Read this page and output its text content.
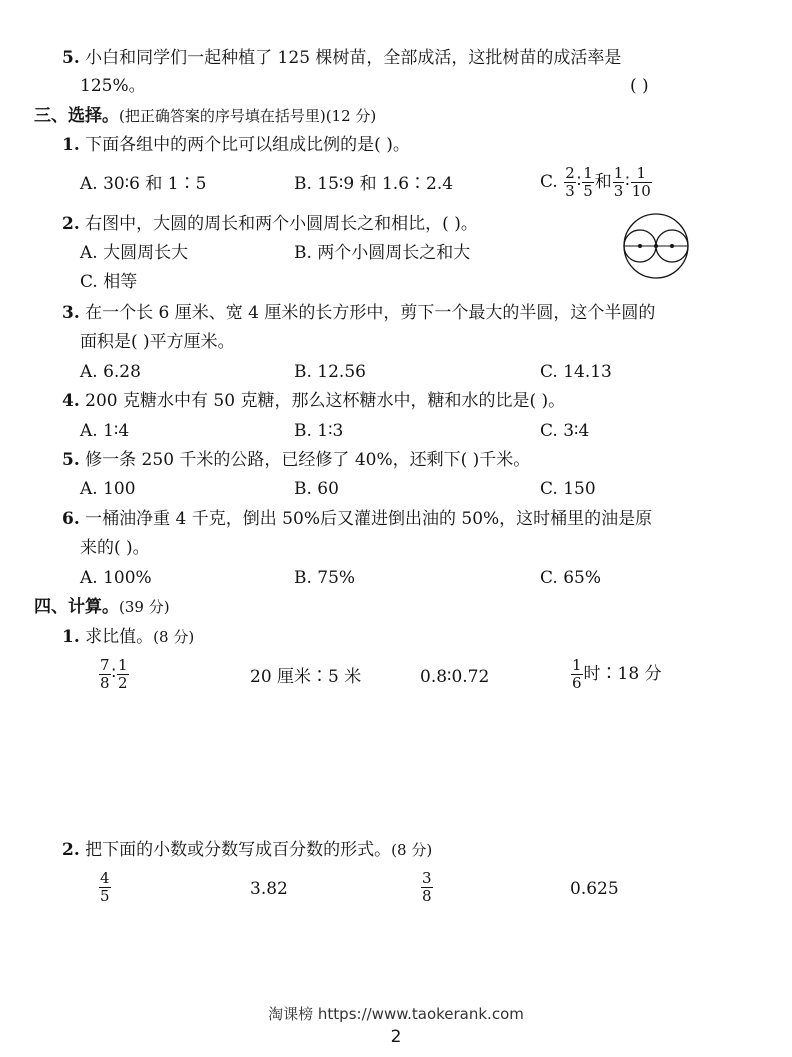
5. 小白和同学们一起种植了 125 棵树苗，全部成活，这批树苗的成活率是
125%。	( )
三、选择。(把正确答案的序号填在括号里)(12 分)
1. 下面各组中的两个比可以组成比例的是( )。
A. 30∶6 和 1∶5	B. 15∶9 和 1.6∶2.4	C. $\frac{2}{3}$ ∶ $\frac{1}{5}$ 和 $\frac{1}{3}$ ∶ $\frac{1}{10}$
2. 右图中，大圆的周长和两个小圆周长之和相比，( )。
A. 大圆周长大	B. 两个小圆周长之和大
C. 相等
3. 在一个长 6 厘米、宽 4 厘米的长方形中，剪下一个最大的半圆，这个半圆的
面积是( )平方厘米。
A. 6.28	B. 12.56	C. 14.13
4. 200 克糖水中有 50 克糖，那么这杯糖水中，糖和水的比是( )。
A. 1∶4	B. 1∶3	C. 3∶4
5. 修一条 250 千米的公路，已经修了 40%，还剩下( )千米。
A. 100	B. 60	C. 150
6. 一桶油净重 4 千克，倒出 50%后又灌进倒出油的 50%，这时桶里的油是原
来的( )。
A. 100%	B. 75%	C. 65%
四、计算。(39 分)
1. 求比值。(8 分)
$\frac{7}{8}$ ∶ $\frac{1}{2}$	20 厘米∶5 米	0.8∶0.72	$\frac{1}{6}$ 时∶18 分
2. 把下面的小数或分数写成百分数的形式。(8 分)
$\frac{4}{5}$	3.82	$\frac{3}{8}$	0.625
淘课榜 https://www.taokerank.com
2
